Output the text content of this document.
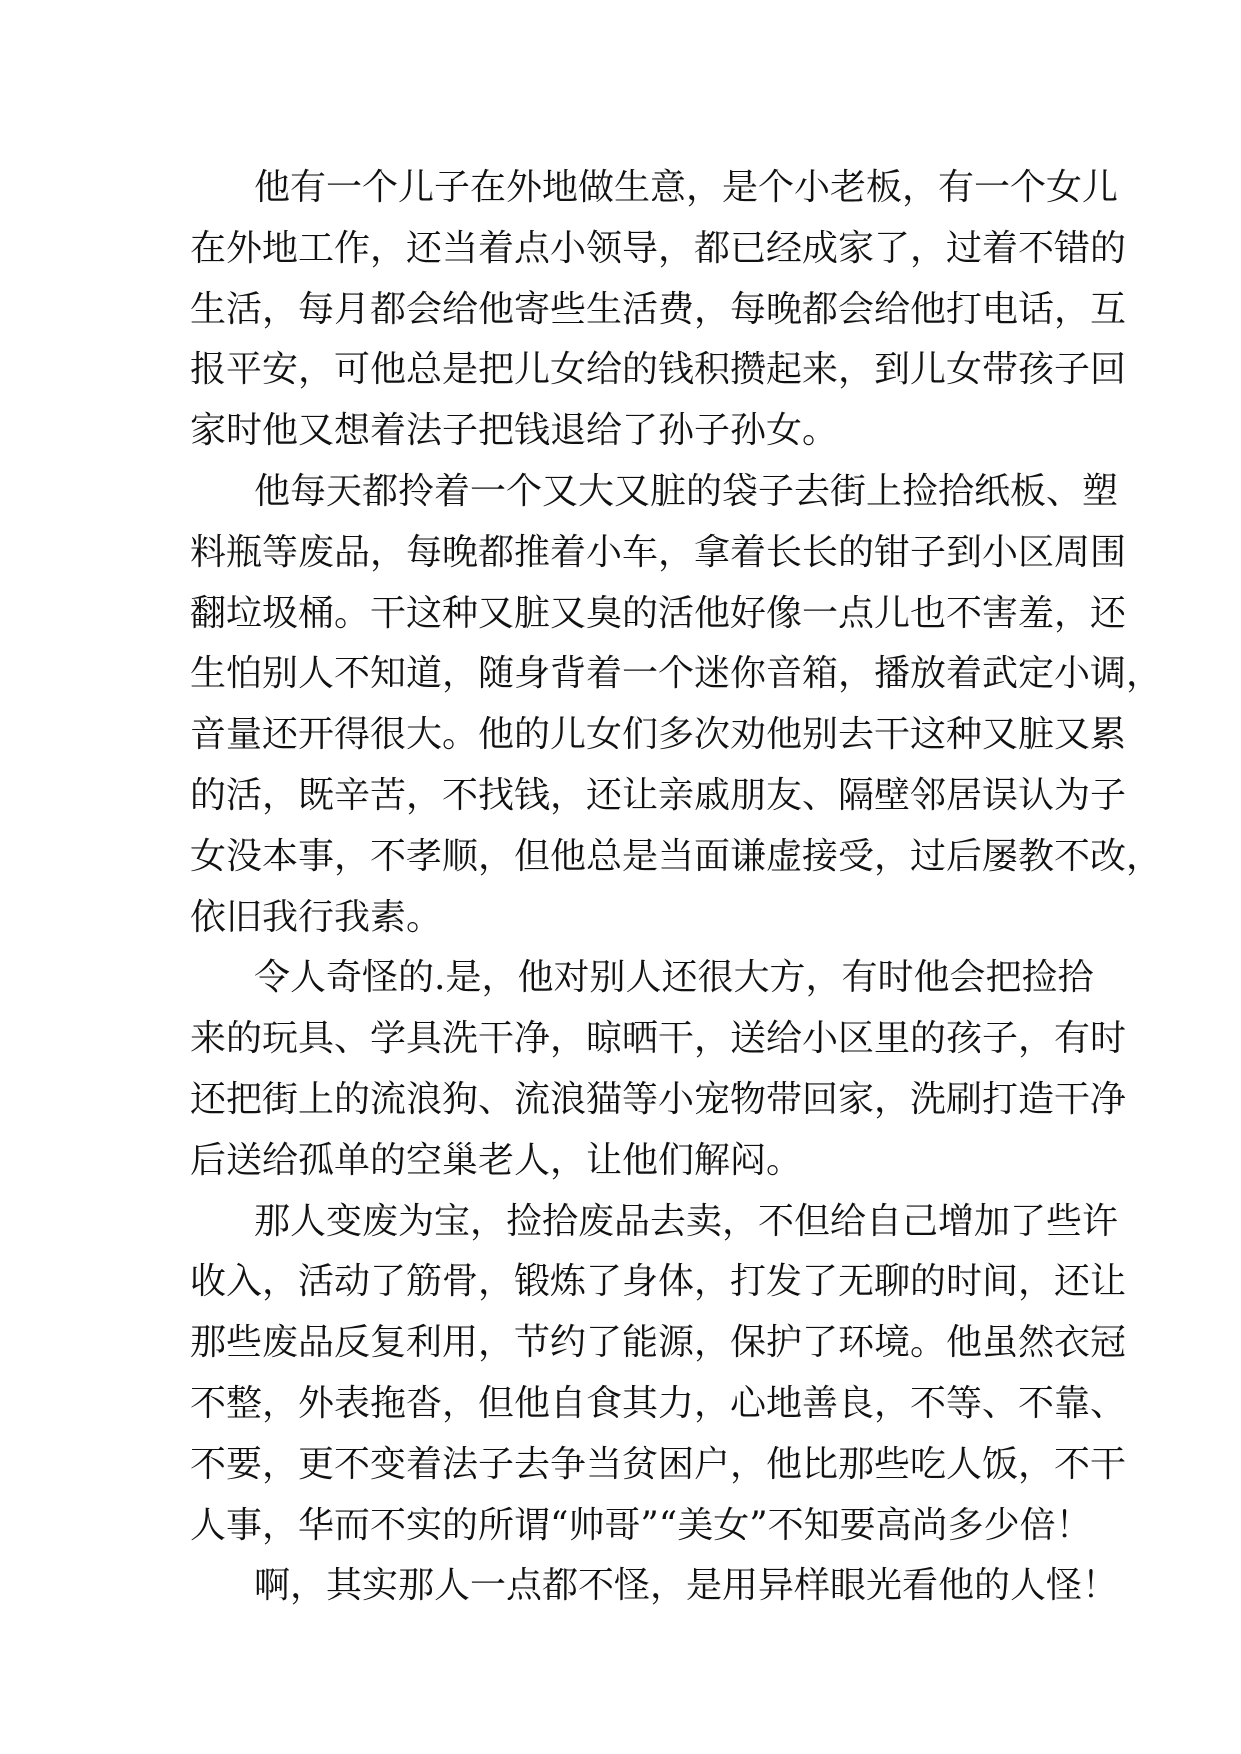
他有一个儿子在外地做生意，是个小老板，有一个女儿
在外地工作，还当着点小领导，都已经成家了，过着不错的
生活，每月都会给他寄些生活费，每晚都会给他打电话，互
报平安，可他总是把儿女给的钱积攒起来，到儿女带孩子回
家时他又想着法子把钱退给了孙子孙女。
他每天都拎着一个又大又脏的袋子去街上捡拾纸板、塑
料瓶等废品，每晚都推着小车，拿着长长的钳子到小区周围
翻垃圾桶。干这种又脏又臭的活他好像一点儿也不害羞，还
生怕别人不知道，随身背着一个迷你音箱，播放着武定小调，
音量还开得很大。他的儿女们多次劝他别去干这种又脏又累
的活，既辛苦，不找钱，还让亲戚朋友、隔壁邻居误认为子
女没本事，不孝顺，但他总是当面谦虚接受，过后屡教不改，
依旧我行我素。
令人奇怪的.是，他对别人还很大方，有时他会把捡拾
来的玩具、学具洗干净，晾晒干，送给小区里的孩子，有时
还把街上的流浪狗、流浪猫等小宠物带回家，洗刷打造干净
后送给孤单的空巢老人，让他们解闷。
那人变废为宝，捡拾废品去卖，不但给自己增加了些许
收入，活动了筋骨，锻炼了身体，打发了无聊的时间，还让
那些废品反复利用，节约了能源，保护了环境。他虽然衣冠
不整，外表拖沓，但他自食其力，心地善良，不等、不靠、
不要，更不变着法子去争当贫困户，他比那些吃人饭，不干
人事，华而不实的所谓“帅哥”“美女”不知要高尚多少倍！
啊，其实那人一点都不怪，是用异样眼光看他的人怪！
